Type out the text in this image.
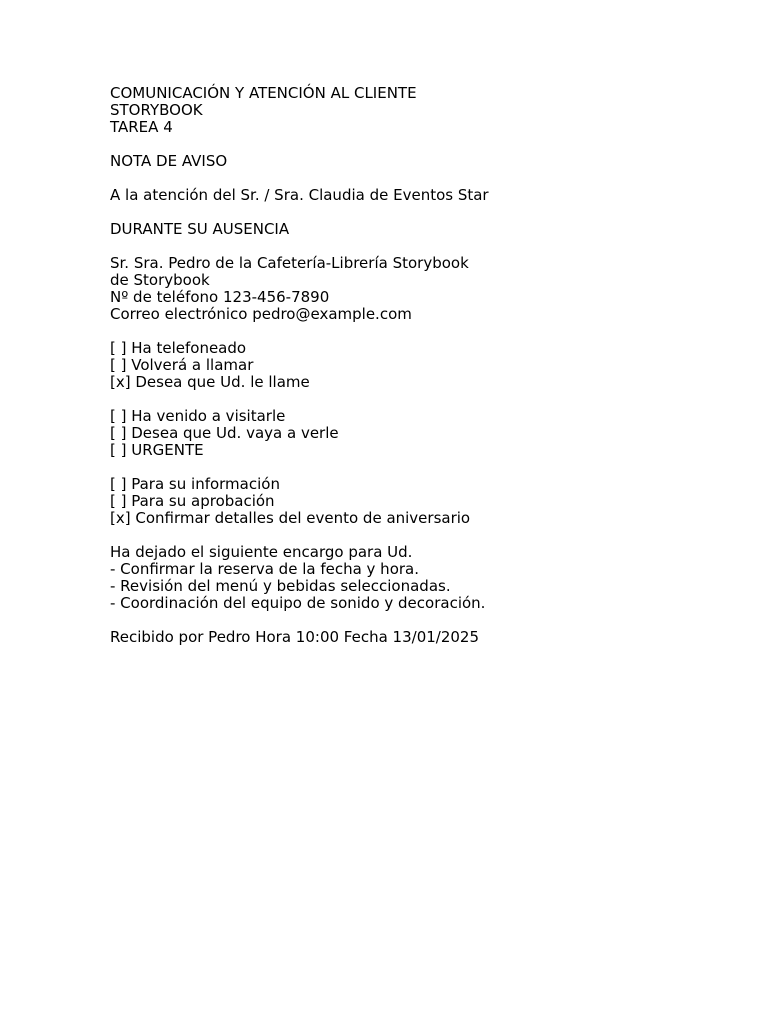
COMUNICACIÓN Y ATENCIÓN AL CLIENTE
STORYBOOK
TAREA 4
NOTA DE AVISO
A la atención del Sr. / Sra. Claudia de Eventos Star
DURANTE SU AUSENCIA
Sr. Sra. Pedro de la Cafetería-Librería Storybook
de Storybook
Nº de teléfono 123-456-7890
Correo electrónico pedro@example.com
[ ] Ha telefoneado
[ ] Volverá a llamar
[x] Desea que Ud. le llame
[ ] Ha venido a visitarle
[ ] Desea que Ud. vaya a verle
[ ] URGENTE
[ ] Para su información
[ ] Para su aprobación
[x] Confirmar detalles del evento de aniversario
Ha dejado el siguiente encargo para Ud.
- Confirmar la reserva de la fecha y hora.
- Revisión del menú y bebidas seleccionadas.
- Coordinación del equipo de sonido y decoración.
Recibido por Pedro Hora 10:00 Fecha 13/01/2025
